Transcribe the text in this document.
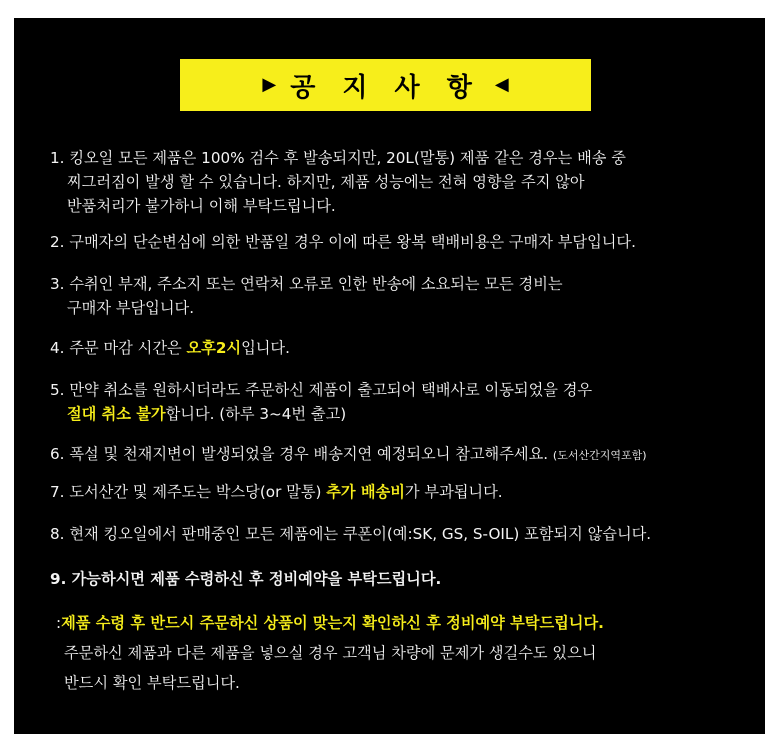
▶ 공 지 사 항 ◀
1. 킹오일 모든 제품은 100% 검수 후 발송되지만, 20L(말통) 제품 같은 경우는 배송 중
찌그러짐이 발생 할 수 있습니다. 하지만, 제품 성능에는 전혀 영향을 주지 않아
반품처리가 불가하니 이해 부탁드립니다.
2. 구매자의 단순변심에 의한 반품일 경우 이에 따른 왕복 택배비용은 구매자 부담입니다.
3. 수취인 부재, 주소지 또는 연락처 오류로 인한 반송에 소요되는 모든 경비는
구매자 부담입니다.
4. 주문 마감 시간은 오후2시입니다.
5. 만약 취소를 원하시더라도 주문하신 제품이 출고되어 택배사로 이동되었을 경우
절대 취소 불가합니다. (하루 3~4번 출고)
6. 폭설 및 천재지변이 발생되었을 경우 배송지연 예정되오니 참고해주세요. (도서산간지역포함)
7. 도서산간 및 제주도는 박스당(or 말통) 추가 배송비가 부과됩니다.
8. 현재 킹오일에서 판매중인 모든 제품에는 쿠폰이(예:SK, GS, S-OIL) 포함되지 않습니다.
9. 가능하시면 제품 수령하신 후 정비예약을 부탁드립니다.
:제품 수령 후 반드시 주문하신 상품이 맞는지 확인하신 후 정비예약 부탁드립니다.
주문하신 제품과 다른 제품을 넣으실 경우 고객님 차량에 문제가 생길수도 있으니
반드시 확인 부탁드립니다.
